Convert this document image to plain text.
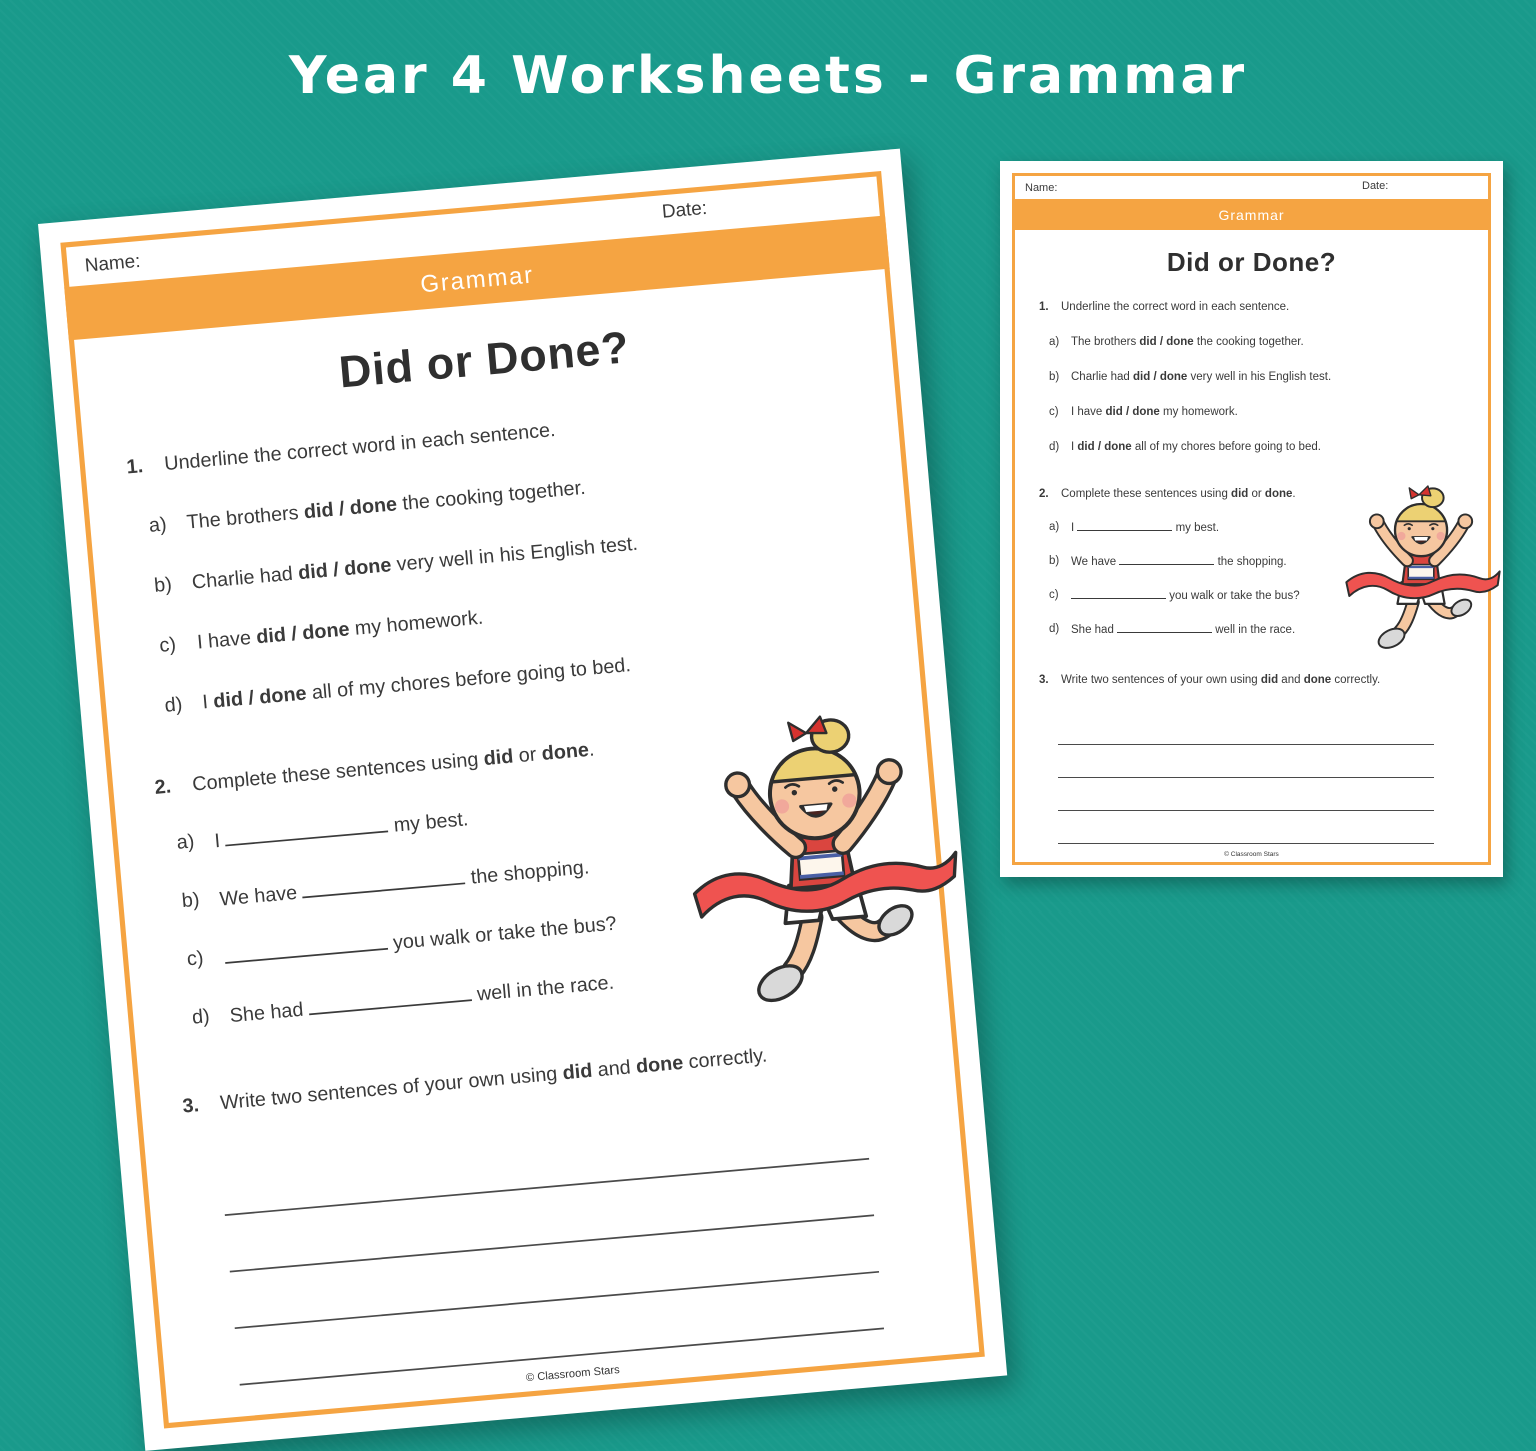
Year 4 Worksheets - Grammar
Name:
Date:
Grammar
Did or Done?
1.	Underline the correct word in each sentence.
a)	The brothers did / done the cooking together.
b)	Charlie had did / done very well in his English test.
c)	I have did / done my homework.
d)	I did / done all of my chores before going to bed.
2.	Complete these sentences using did or done.
a)	I  my best.
b)	We have  the shopping.
c)
you walk or take the bus?
d)	She had  well in the race.
3.	Write two sentences of your own using did and done correctly.
© Classroom Stars
Name:	Date:
Grammar
Did or Done?
1.	Underline the correct word in each sentence.
a)	The brothers did / done the cooking together.
b)	Charlie had did / done very well in his English test.
c)	I have did / done my homework.
d)	I did / done all of my chores before going to bed.
2.	Complete these sentences using did or done.
a)	I	my best.
b)	We have	the shopping.
c)	you walk or take the bus?
d)	She had	well in the race.
3.	Write two sentences of your own using did and done correctly.
© Classroom Stars
